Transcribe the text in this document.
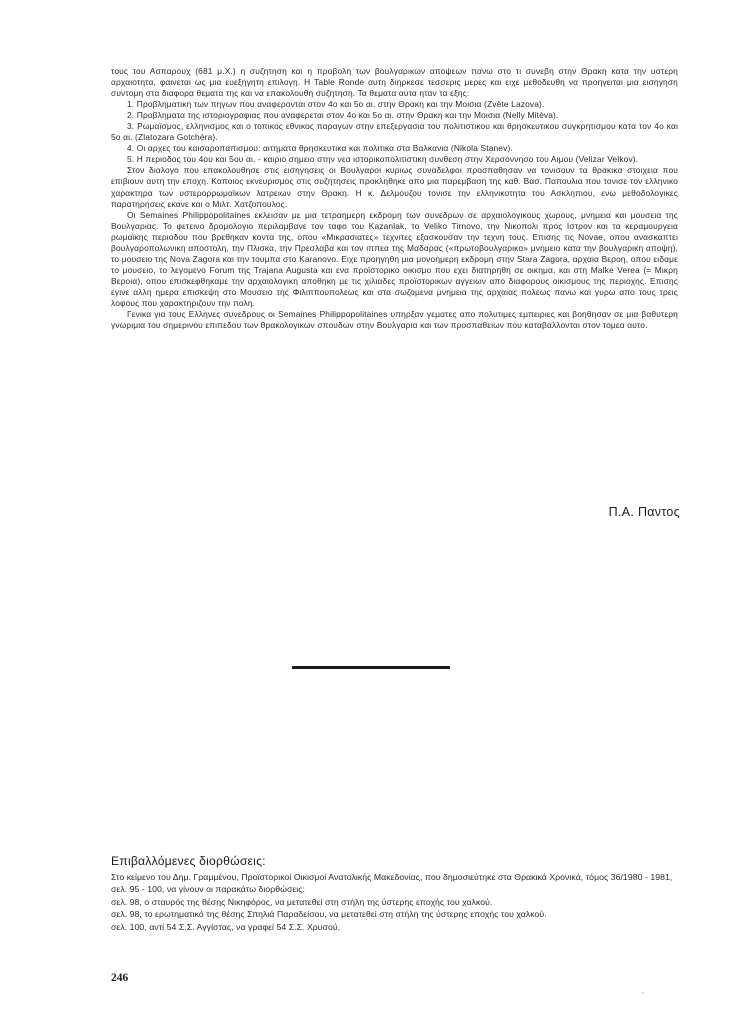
τους του Ασπαρουχ (681 μ.Χ.) η συζητηση και η προβολη των βουλγαρικων αποψεων πανω στο τι συνεβη στην Θρακη κατα την υστερη αρχαιοτητα, φαινεται ως μια ευεξηγητη επιλογη. Η Table Ronde αυτη διηρκεσε τεσσερις μερες και ειχε μεθοδευθη να προηγειται μια εισηγηση συντομη στα διαφορα θεματα της και να επακολουθη συζητηση. Τα θεματα αυτα ηταν τα εξης:

1. Προβληματικη των πηγων που αναφερονται στον 4ο και 5ο αι. στην Θρακη και την Μοισια (Zvète Lazova).

2. Προβληματα της ιστοριογραφιας που αναφερεται στον 4ο και 5ο αι. στην Θρακη και την Μοισια (Nelly Mitèva).

3. Ρωμαϊσμος, ελληνισμος και ο τοπικος εθνικος παραγων στην επεξεργασια του πολιτιστικου και θρησκευτικου συγκρητισμου κατα τον 4ο και 5ο αι. (Zlatozara Gotchèra).

4. Οι αρχες του καισαροπαπισμου: αιτηματα θρησκευτικα και πολιτικα στα Βαλκανια (Nikola Stanev).

5. Η περιοδος του 4ου και 5ου αι. - καιριο σημειο στην νεα ιστορικοπολιτιστικη συνθεση στην Χερσοννησο του Αιμου (Velizar Velkov).

Στον διαλογο που επακολουθησε στις εισηγησεις οι Βουλγαροι κυριως συναδελφοι προσπαθησαν να τονισουν τα θρακικα στοιχεια που επιβιουν αυτη την εποχη. Καποιος εκνευρισμος στις συζητησεις προκληθηκε απο μια παρεμβαση της καθ. Βασ. Παπουλια που τονισε τον ελληνικο χαρακτηρα των υστερορρωμαϊκων λατρειων στην Θρακη. Η κ. Δελμουζου τονισε την ελληνικοτητα του Ασκληπιου, ενω μεθοδολογικες παρατηρησεις εκανε και ο Μιλτ. Χατζοπουλος.

Οι Semaines Philippopolitaines εκλεισαν με μια τετραημερη εκδρομη των συνεδρων σε αρχαιολογικους χωρους, μνημεια και μουσεια της Βουλγαριας. Το φετεινο δρομολογιο περιλαμβανε τον ταφο του Kazanlak, το Veliko Tirnovo, την Νικοπολι προς Ιστρον και τα κεραμουργεια ρωμαϊκης περιοδου που βρεθηκαν κοντα της, οπου «Μικρασιατες» τεχνιτες εξασκουσαν την τεχνη τους. Επισης τις Novae, οπου ανασκαπτει βουλγαροπολωνικη αποστολη, την Πλισκα, την Πρεσλαβα και τον ιππεα της Μαδαρας («πρωτοβουλγαρικο» μνημειο κατα την βουλγαρικη αποψη), το μουσειο της Nova Zagora και την τουμπα στο Karanovo. Ειχε προηγηθη μια μονοημερη εκδρομη στην Stara Zagora, αρχαια Βεροη, οπου ειδαμε το μουσειο, το λεγομενο Forum της Trajana Augusta και ενα προϊστορικο οικισμο που εχει διατηρηθη σε οικημα, και στη Malke Verea (= Μικρη Βεροια), οπου επισκεφθηκαμε την αρχαιολογικη αποθηκη με τις χιλιαδες προϊστορικων αγγειων απο διαφορους οικισμους της περιοχης. Επισης εγινε αλλη ημερα επισκεψη στο Μουσειο της Φιλιππουπολεως και στα σωζομενα μνημεια της αρχαιας πολεως πανω και γυρω απο τους τρεις λοφους που χαρακτηριζουν την πολη.

Γενικα για τους Ελληνες συνεδρους οι Semaines Philippopolitaines υπηρξαν γεματες απο πολυτιμες εμπειριες και βοηθησαν σε μια βαθυτερη γνωριμια του σημερινου επιπεδου των θρακολογικων σπουδων στην Βουλγαρια και των προσπαθειων που καταβαλλονται στον τομεα αυτο.

Π.Α. Παντος
Επιβαλλόμενες διορθώσεις:

Στο κείμενο του Δημ. Γραμμένου, Προϊστορικοί Οικισμοί Ανατολικής Μακεδονίας, που δημοσιεύτηκε στα Θρακικά Χρονικά, τόμος 36/1980 - 1981, σελ. 95 - 100, να γίνουν οι παρακάτω διορθώσεις:

σελ. 98, ο σταυρός της θέσης Νικηφόρος, να μετατεθεί στη στήλη της ύστερης εποχής του χαλκού.

σελ. 98, το ερωτηματικό της θέσης Σπηλιά Παραδείσου, να μετατεθεί στη στήλη της ύστερης εποχής του χαλκού.

σελ. 100, αντί 54 Σ.Σ. Αγγίστας, να γραφεί 54 Σ.Σ. Χρυσού.

246
